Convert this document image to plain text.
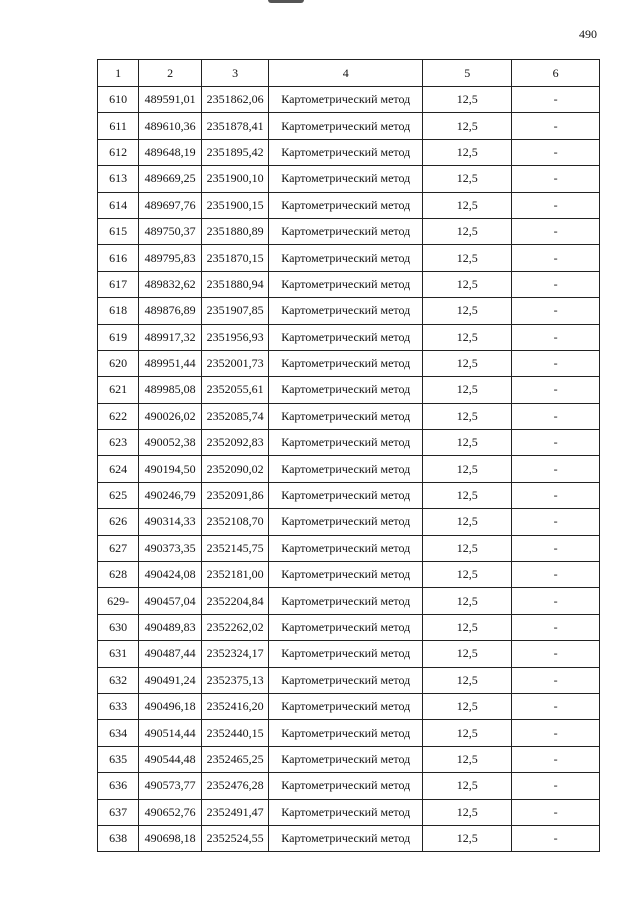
490
1	2	3	4	5	6
610	489591,01	2351862,06	Картометрический метод	12,5	-
611	489610,36	2351878,41	Картометрический метод	12,5	-
612	489648,19	2351895,42	Картометрический метод	12,5	-
613	489669,25	2351900,10	Картометрический метод	12,5	-
614	489697,76	2351900,15	Картометрический метод	12,5	-
615	489750,37	2351880,89	Картометрический метод	12,5	-
616	489795,83	2351870,15	Картометрический метод	12,5	-
617	489832,62	2351880,94	Картометрический метод	12,5	-
618	489876,89	2351907,85	Картометрический метод	12,5	-
619	489917,32	2351956,93	Картометрический метод	12,5	-
620	489951,44	2352001,73	Картометрический метод	12,5	-
621	489985,08	2352055,61	Картометрический метод	12,5	-
622	490026,02	2352085,74	Картометрический метод	12,5	-
623	490052,38	2352092,83	Картометрический метод	12,5	-
624	490194,50	2352090,02	Картометрический метод	12,5	-
625	490246,79	2352091,86	Картометрический метод	12,5	-
626	490314,33	2352108,70	Картометрический метод	12,5	-
627	490373,35	2352145,75	Картометрический метод	12,5	-
628	490424,08	2352181,00	Картометрический метод	12,5	-
629-	490457,04	2352204,84	Картометрический метод	12,5	-
630	490489,83	2352262,02	Картометрический метод	12,5	-
631	490487,44	2352324,17	Картометрический метод	12,5	-
632	490491,24	2352375,13	Картометрический метод	12,5	-
633	490496,18	2352416,20	Картометрический метод	12,5	-
634	490514,44	2352440,15	Картометрический метод	12,5	-
635	490544,48	2352465,25	Картометрический метод	12,5	-
636	490573,77	2352476,28	Картометрический метод	12,5	-
637	490652,76	2352491,47	Картометрический метод	12,5	-
638	490698,18	2352524,55	Картометрический метод	12,5	-
